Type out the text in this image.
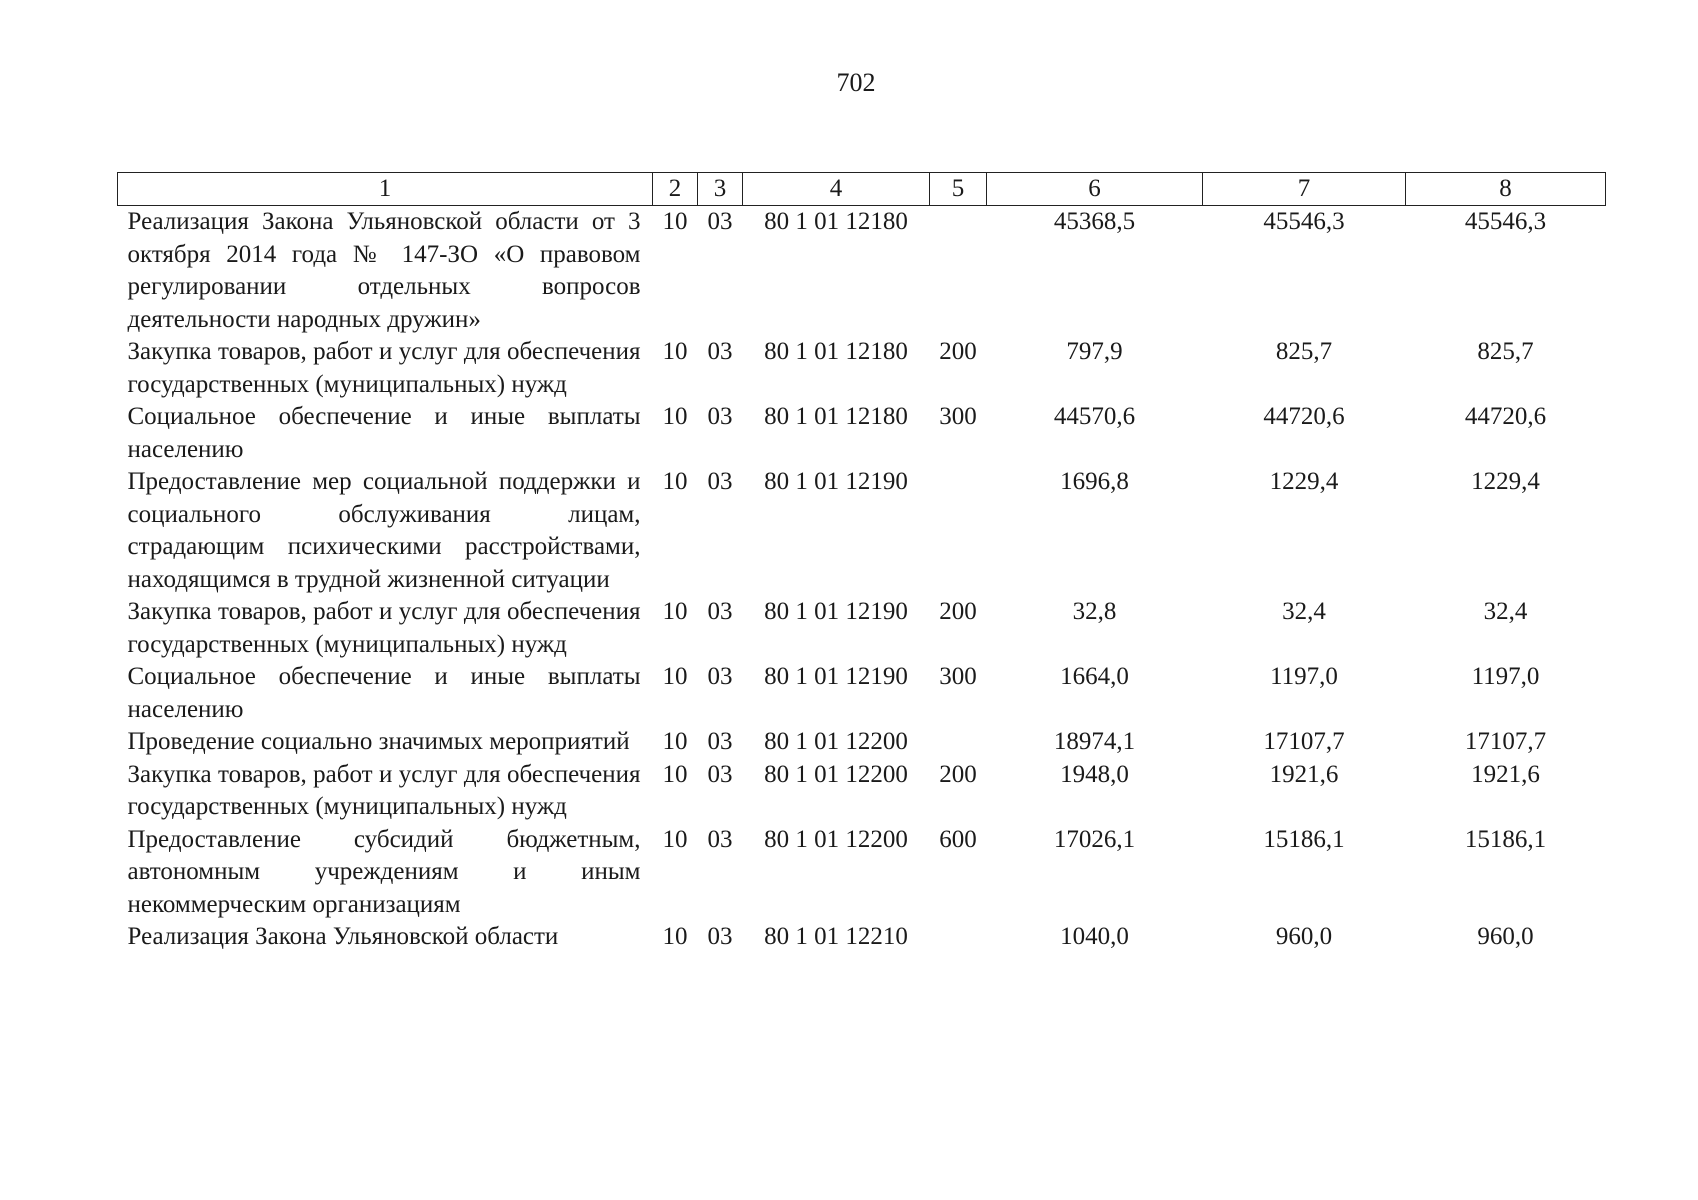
702
1	2	3	4	5	6	7	8
Реализация Закона Ульяновской области от 3 октября 2014 года № 147-ЗО «О правовом регулировании отдельных вопросов деятельности народных дружин»	10	03	80 1 01 12180		45368,5	45546,3	45546,3
Закупка товаров, работ и услуг для обеспечения государственных (муниципальных) нужд	10	03	80 1 01 12180	200	797,9	825,7	825,7
Социальное обеспечение и иные выплаты населению	10	03	80 1 01 12180	300	44570,6	44720,6	44720,6
Предоставление мер социальной поддержки и социального обслуживания лицам, страдающим психическими расстройствами, находящимся в трудной жизненной ситуации	10	03	80 1 01 12190		1696,8	1229,4	1229,4
Закупка товаров, работ и услуг для обеспечения государственных (муниципальных) нужд	10	03	80 1 01 12190	200	32,8	32,4	32,4
Социальное обеспечение и иные выплаты населению	10	03	80 1 01 12190	300	1664,0	1197,0	1197,0
Проведение социально значимых мероприятий	10	03	80 1 01 12200		18974,1	17107,7	17107,7
Закупка товаров, работ и услуг для обеспечения государственных (муниципальных) нужд	10	03	80 1 01 12200	200	1948,0	1921,6	1921,6
Предоставление субсидий бюджетным, автономным учреждениям и иным некоммерческим организациям	10	03	80 1 01 12200	600	17026,1	15186,1	15186,1
Реализация Закона Ульяновской области	10	03	80 1 01 12210		1040,0	960,0	960,0
